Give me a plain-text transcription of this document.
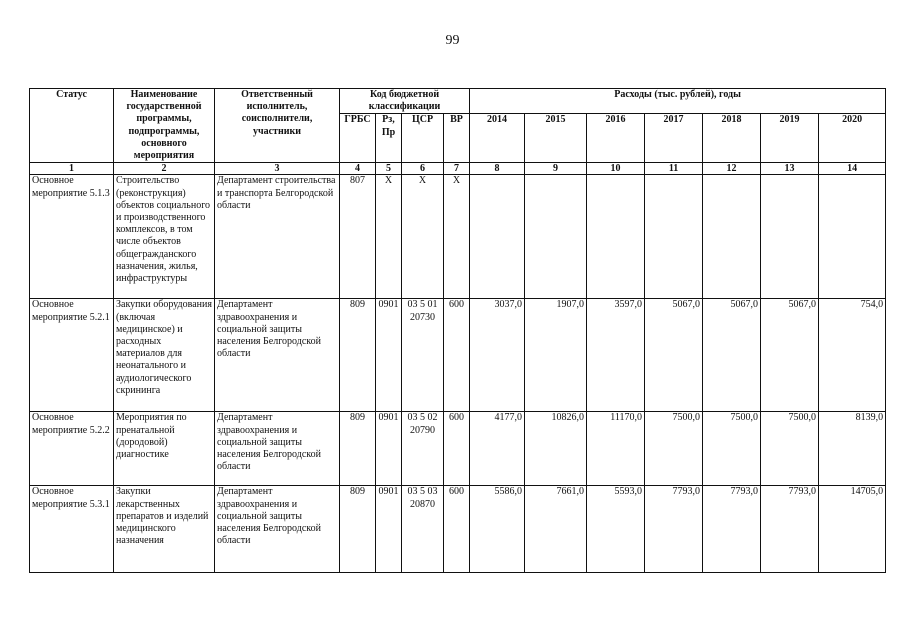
99
Статус	Наименование государственной программы, подпрограммы, основного мероприятия	Ответственный исполнитель, соисполнители, участники	Код бюджетной классификации				Расходы (тыс. рублей), годы						
			ГРБС	Рз, Пр	ЦСР	ВР	2014	2015	2016	2017	2018	2019	2020
1	2	3	4	5	6	7	8	9	10	11	12	13	14
Основное мероприятие 5.1.3	Строительство (реконструкция) объектов социального и производственного комплексов, в том числе объектов общегражданского назначения, жилья, инфраструктуры	Департамент строительства и транспорта Белгородской области	807	Х	Х	Х							
Основное мероприятие 5.2.1	Закупки оборудования (включая медицинское) и расходных материалов для неонатального и аудиологического скрининга	Департамент здравоохранения и социальной защиты населения Белгородской области	809	0901	03 5 01 20730	600	3037,0	1907,0	3597,0	5067,0	5067,0	5067,0	754,0
Основное мероприятие 5.2.2	Мероприятия по пренатальной (дородовой) диагностике	Департамент здравоохранения и социальной защиты населения Белгородской области	809	0901	03 5 02 20790	600	4177,0	10826,0	11170,0	7500,0	7500,0	7500,0	8139,0
Основное мероприятие 5.3.1	Закупки лекарственных препаратов и изделий медицинского назначения	Департамент здравоохранения и социальной защиты населения Белгородской области	809	0901	03 5 03 20870	600	5586,0	7661,0	5593,0	7793,0	7793,0	7793,0	14705,0
